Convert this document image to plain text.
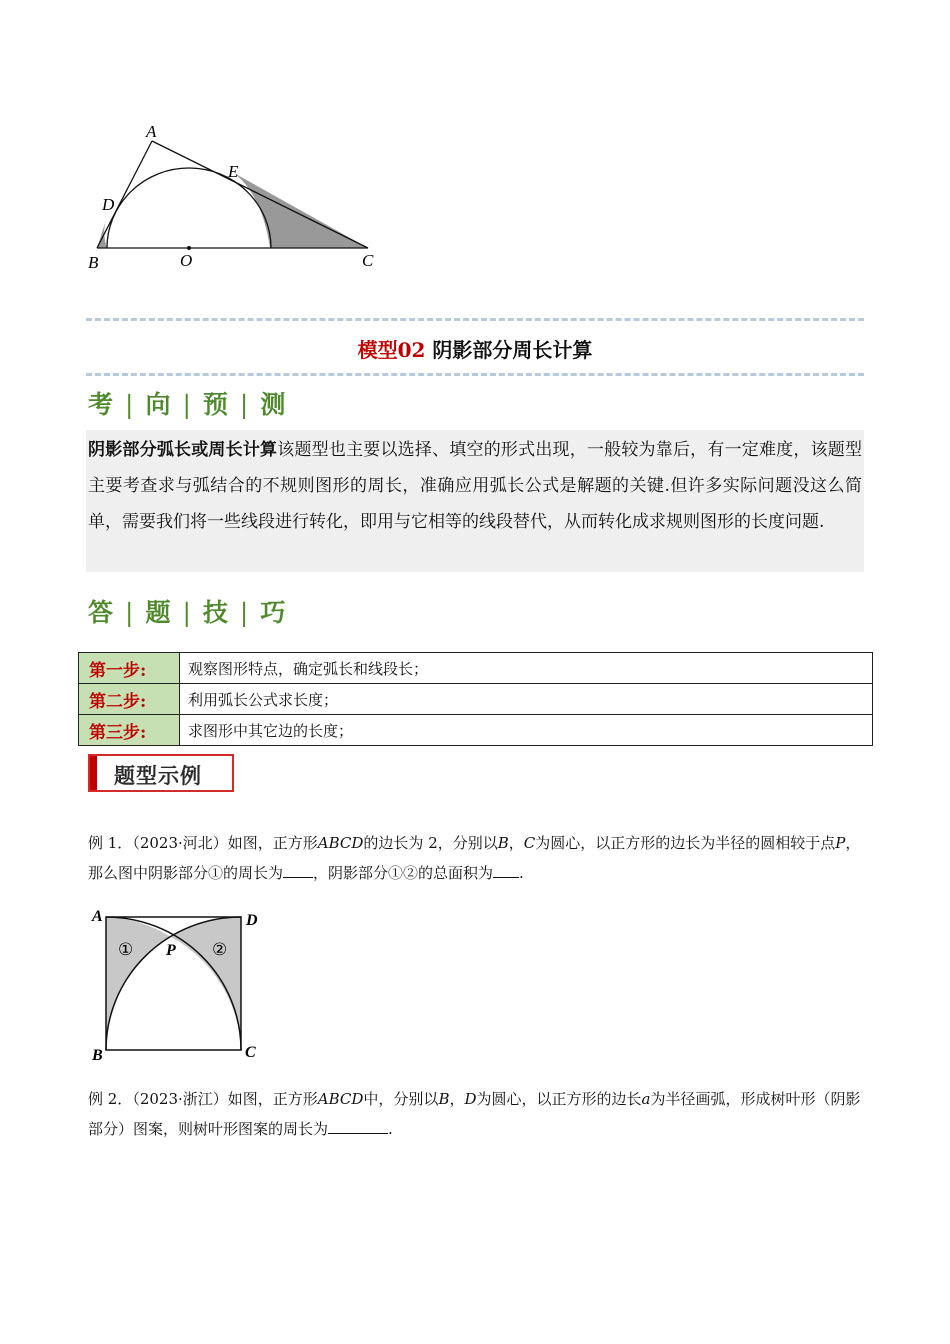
A
E
D
B	O	C
模型02 阴影部分周长计算
考 | 向 | 预 | 测
阴影部分弧长或周长计算该题型也主要以选择、填空的形式出现，一般较为靠后，有一定难度，该题型主要考查求与弧结合的不规则图形的周长，准确应用弧长公式是解题的关键.但许多实际问题没这么简单，需要我们将一些线段进行转化，即用与它相等的线段替代，从而转化成求规则图形的长度问题.
答 | 题 | 技 | 巧
第一步:	观察图形特点，确定弧长和线段长；
第二步:	利用弧长公式求长度；
第三步:	求图形中其它边的长度；
题型示例
例 1．（2023·河北）如图，正方形ABCD的边长为 2，分别以B，C为圆心，以正方形的边长为半径的圆相较于点P，那么图中阴影部分①的周长为 ，阴影部分①②的总面积为 .
A	D
B	C
P
①	②
例 2．（2023·浙江）如图，正方形ABCD中，分别以B，D为圆心，以正方形的边长a为半径画弧，形成树叶形（阴影部分）图案，则树叶形图案的周长为	.
